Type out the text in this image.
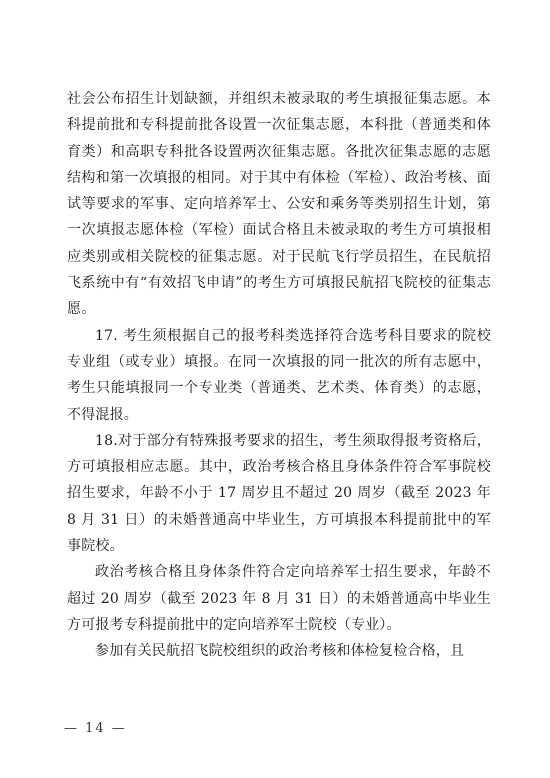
社会公布招生计划缺额，并组织未被录取的考生填报征集志愿。本科提前批和专科提前批各设置一次征集志愿，本科批（普通类和体育类）和高职专科批各设置两次征集志愿。各批次征集志愿的志愿结构和第一次填报的相同。对于其中有体检（军检）、政治考核、面试等要求的军事、定向培养军士、公安和乘务等类别招生计划，第一次填报志愿体检（军检）面试合格且未被录取的考生方可填报相应类别或相关院校的征集志愿。对于民航飞行学员招生，在民航招飞系统中有“有效招飞申请”的考生方可填报民航招飞院校的征集志愿。

17. 考生须根据自己的报考科类选择符合选考科目要求的院校专业组（或专业）填报。在同一次填报的同一批次的所有志愿中，考生只能填报同一个专业类（普通类、艺术类、体育类）的志愿，不得混报。

18.对于部分有特殊报考要求的招生，考生须取得报考资格后，方可填报相应志愿。其中，政治考核合格且身体条件符合军事院校招生要求，年龄不小于 17 周岁且不超过 20 周岁（截至 2023 年 8 月 31 日）的未婚普通高中毕业生，方可填报本科提前批中的军事院校。

政治考核合格且身体条件符合定向培养军士招生要求，年龄不超过 20 周岁（截至 2023 年 8 月 31 日）的未婚普通高中毕业生方可报考专科提前批中的定向培养军士院校（专业）。

参加有关民航招飞院校组织的政治考核和体检复检合格，且

— 14 —
